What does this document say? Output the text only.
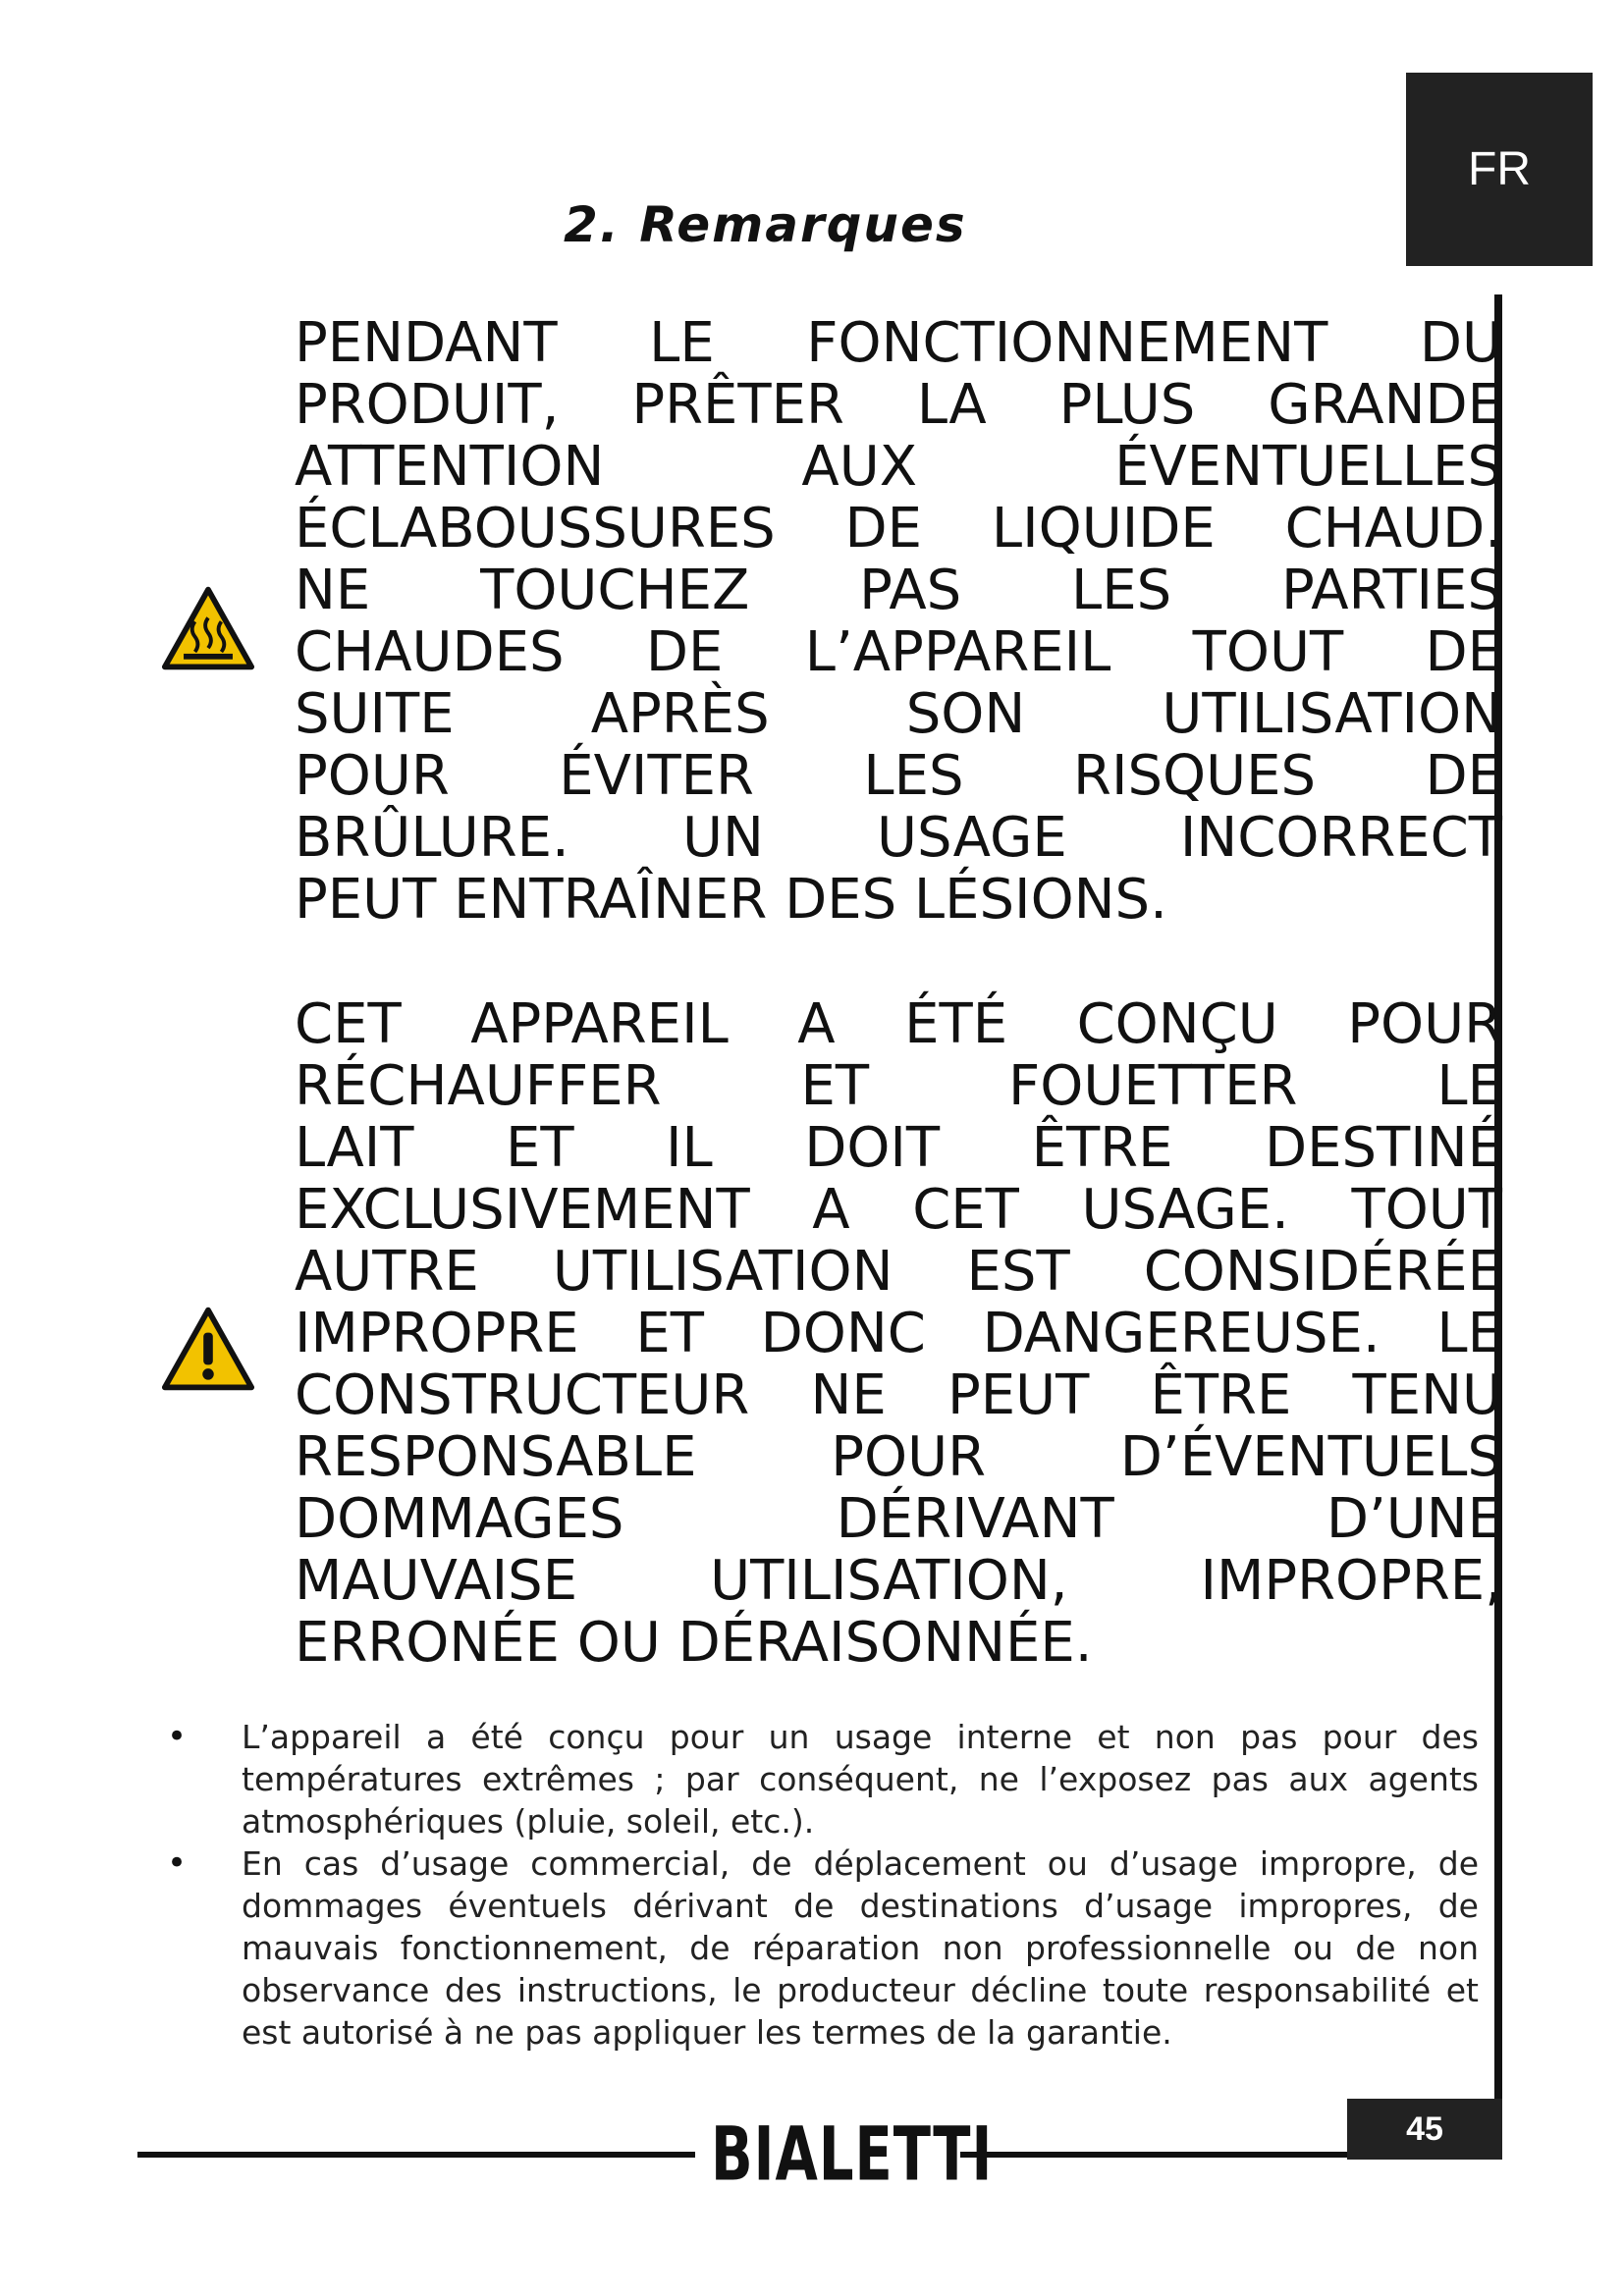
FR
2. Remarques
PENDANT LE FONCTIONNEMENT DU
PRODUIT, PRÊTER LA PLUS GRANDE
ATTENTION AUX ÉVENTUELLES
ÉCLABOUSSURES DE LIQUIDE CHAUD.
NE TOUCHEZ PAS LES PARTIES
CHAUDES DE L’APPAREIL TOUT DE
SUITE APRÈS SON UTILISATION
POUR ÉVITER LES RISQUES DE
BRÛLURE. UN USAGE INCORRECT
PEUT ENTRAÎNER DES LÉSIONS.
CET APPAREIL A ÉTÉ CONÇU POUR
RÉCHAUFFER ET FOUETTER LE
LAIT ET IL DOIT ÊTRE DESTINÉ
EXCLUSIVEMENT A CET USAGE. TOUT
AUTRE UTILISATION EST CONSIDÉRÉE
IMPROPRE ET DONC DANGEREUSE. LE
CONSTRUCTEUR NE PEUT ÊTRE TENU
RESPONSABLE POUR D’ÉVENTUELS
DOMMAGES DÉRIVANT D’UNE
MAUVAISE UTILISATION, IMPROPRE,
ERRONÉE OU DÉRAISONNÉE.
• L’appareil a été conçu pour un usage interne et non pas pour des températures extrêmes ; par conséquent, ne l’exposez pas aux agents atmosphériques (pluie, soleil, etc.).
• En cas d’usage commercial, de déplacement ou d’usage impropre, de dommages éventuels dérivant de destinations d’usage impropres, de mauvais fonctionnement, de réparation non professionnelle ou de non observance des instructions, le producteur décline toute responsabilité et est autorisé à ne pas appliquer les termes de la garantie.
45
BIALETTI
